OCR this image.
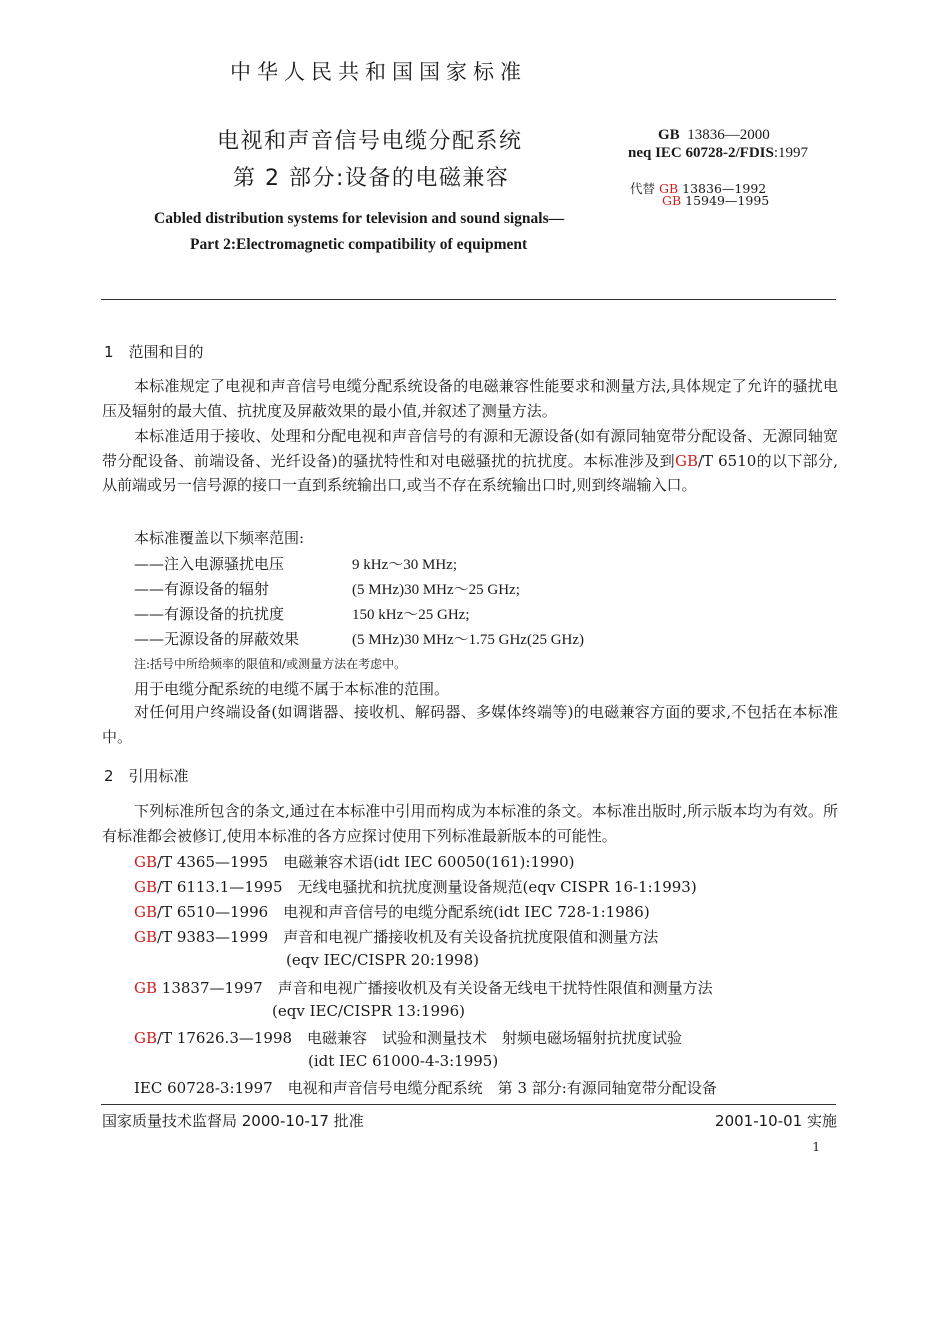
中华人民共和国国家标准
电视和声音信号电缆分配系统
第 2 部分:设备的电磁兼容
GB 13836—2000
neq IEC 60728-2/FDIS:1997
代替 GB 13836—1992
GB 15949—1995
Cabled distribution systems for television and sound signals—
Part 2:Electromagnetic compatibility of equipment
1　范围和目的
本标准规定了电视和声音信号电缆分配系统设备的电磁兼容性能要求和测量方法,具体规定了允许的骚扰电压及辐射的最大值、抗扰度及屏蔽效果的最小值,并叙述了测量方法。
本标准适用于接收、处理和分配电视和声音信号的有源和无源设备(如有源同轴宽带分配设备、无源同轴宽带分配设备、前端设备、光纤设备)的骚扰特性和对电磁骚扰的抗扰度。本标准涉及到GB/T 6510的以下部分,从前端或另一信号源的接口一直到系统输出口,或当不存在系统输出口时,则到终端输入口。
本标准覆盖以下频率范围:
——注入电源骚扰电压	9 kHz～30 MHz;
——有源设备的辐射	(5 MHz)30 MHz～25 GHz;
——有源设备的抗扰度	150 kHz～25 GHz;
——无源设备的屏蔽效果	(5 MHz)30 MHz～1.75 GHz(25 GHz)
注:括号中所给频率的限值和/或测量方法在考虑中。
用于电缆分配系统的电缆不属于本标准的范围。
对任何用户终端设备(如调谐器、接收机、解码器、多媒体终端等)的电磁兼容方面的要求,不包括在本标准中。
2　引用标准
下列标准所包含的条文,通过在本标准中引用而构成为本标准的条文。本标准出版时,所示版本均为有效。所有标准都会被修订,使用本标准的各方应探讨使用下列标准最新版本的可能性。
GB/T 4365—1995　电磁兼容术语(idt IEC 60050(161):1990)
GB/T 6113.1—1995　无线电骚扰和抗扰度测量设备规范(eqv CISPR 16-1:1993)
GB/T 6510—1996　电视和声音信号的电缆分配系统(idt IEC 728-1:1986)
GB/T 9383—1999　声音和电视广播接收机及有关设备抗扰度限值和测量方法
(eqv IEC/CISPR 20:1998)
GB 13837—1997　声音和电视广播接收机及有关设备无线电干扰特性限值和测量方法
(eqv IEC/CISPR 13:1996)
GB/T 17626.3—1998　电磁兼容　试验和测量技术　射频电磁场辐射抗扰度试验
(idt IEC 61000-4-3:1995)
IEC 60728-3:1997　电视和声音信号电缆分配系统　第 3 部分:有源同轴宽带分配设备
国家质量技术监督局 2000-10-17 批准	2001-10-01 实施
1
